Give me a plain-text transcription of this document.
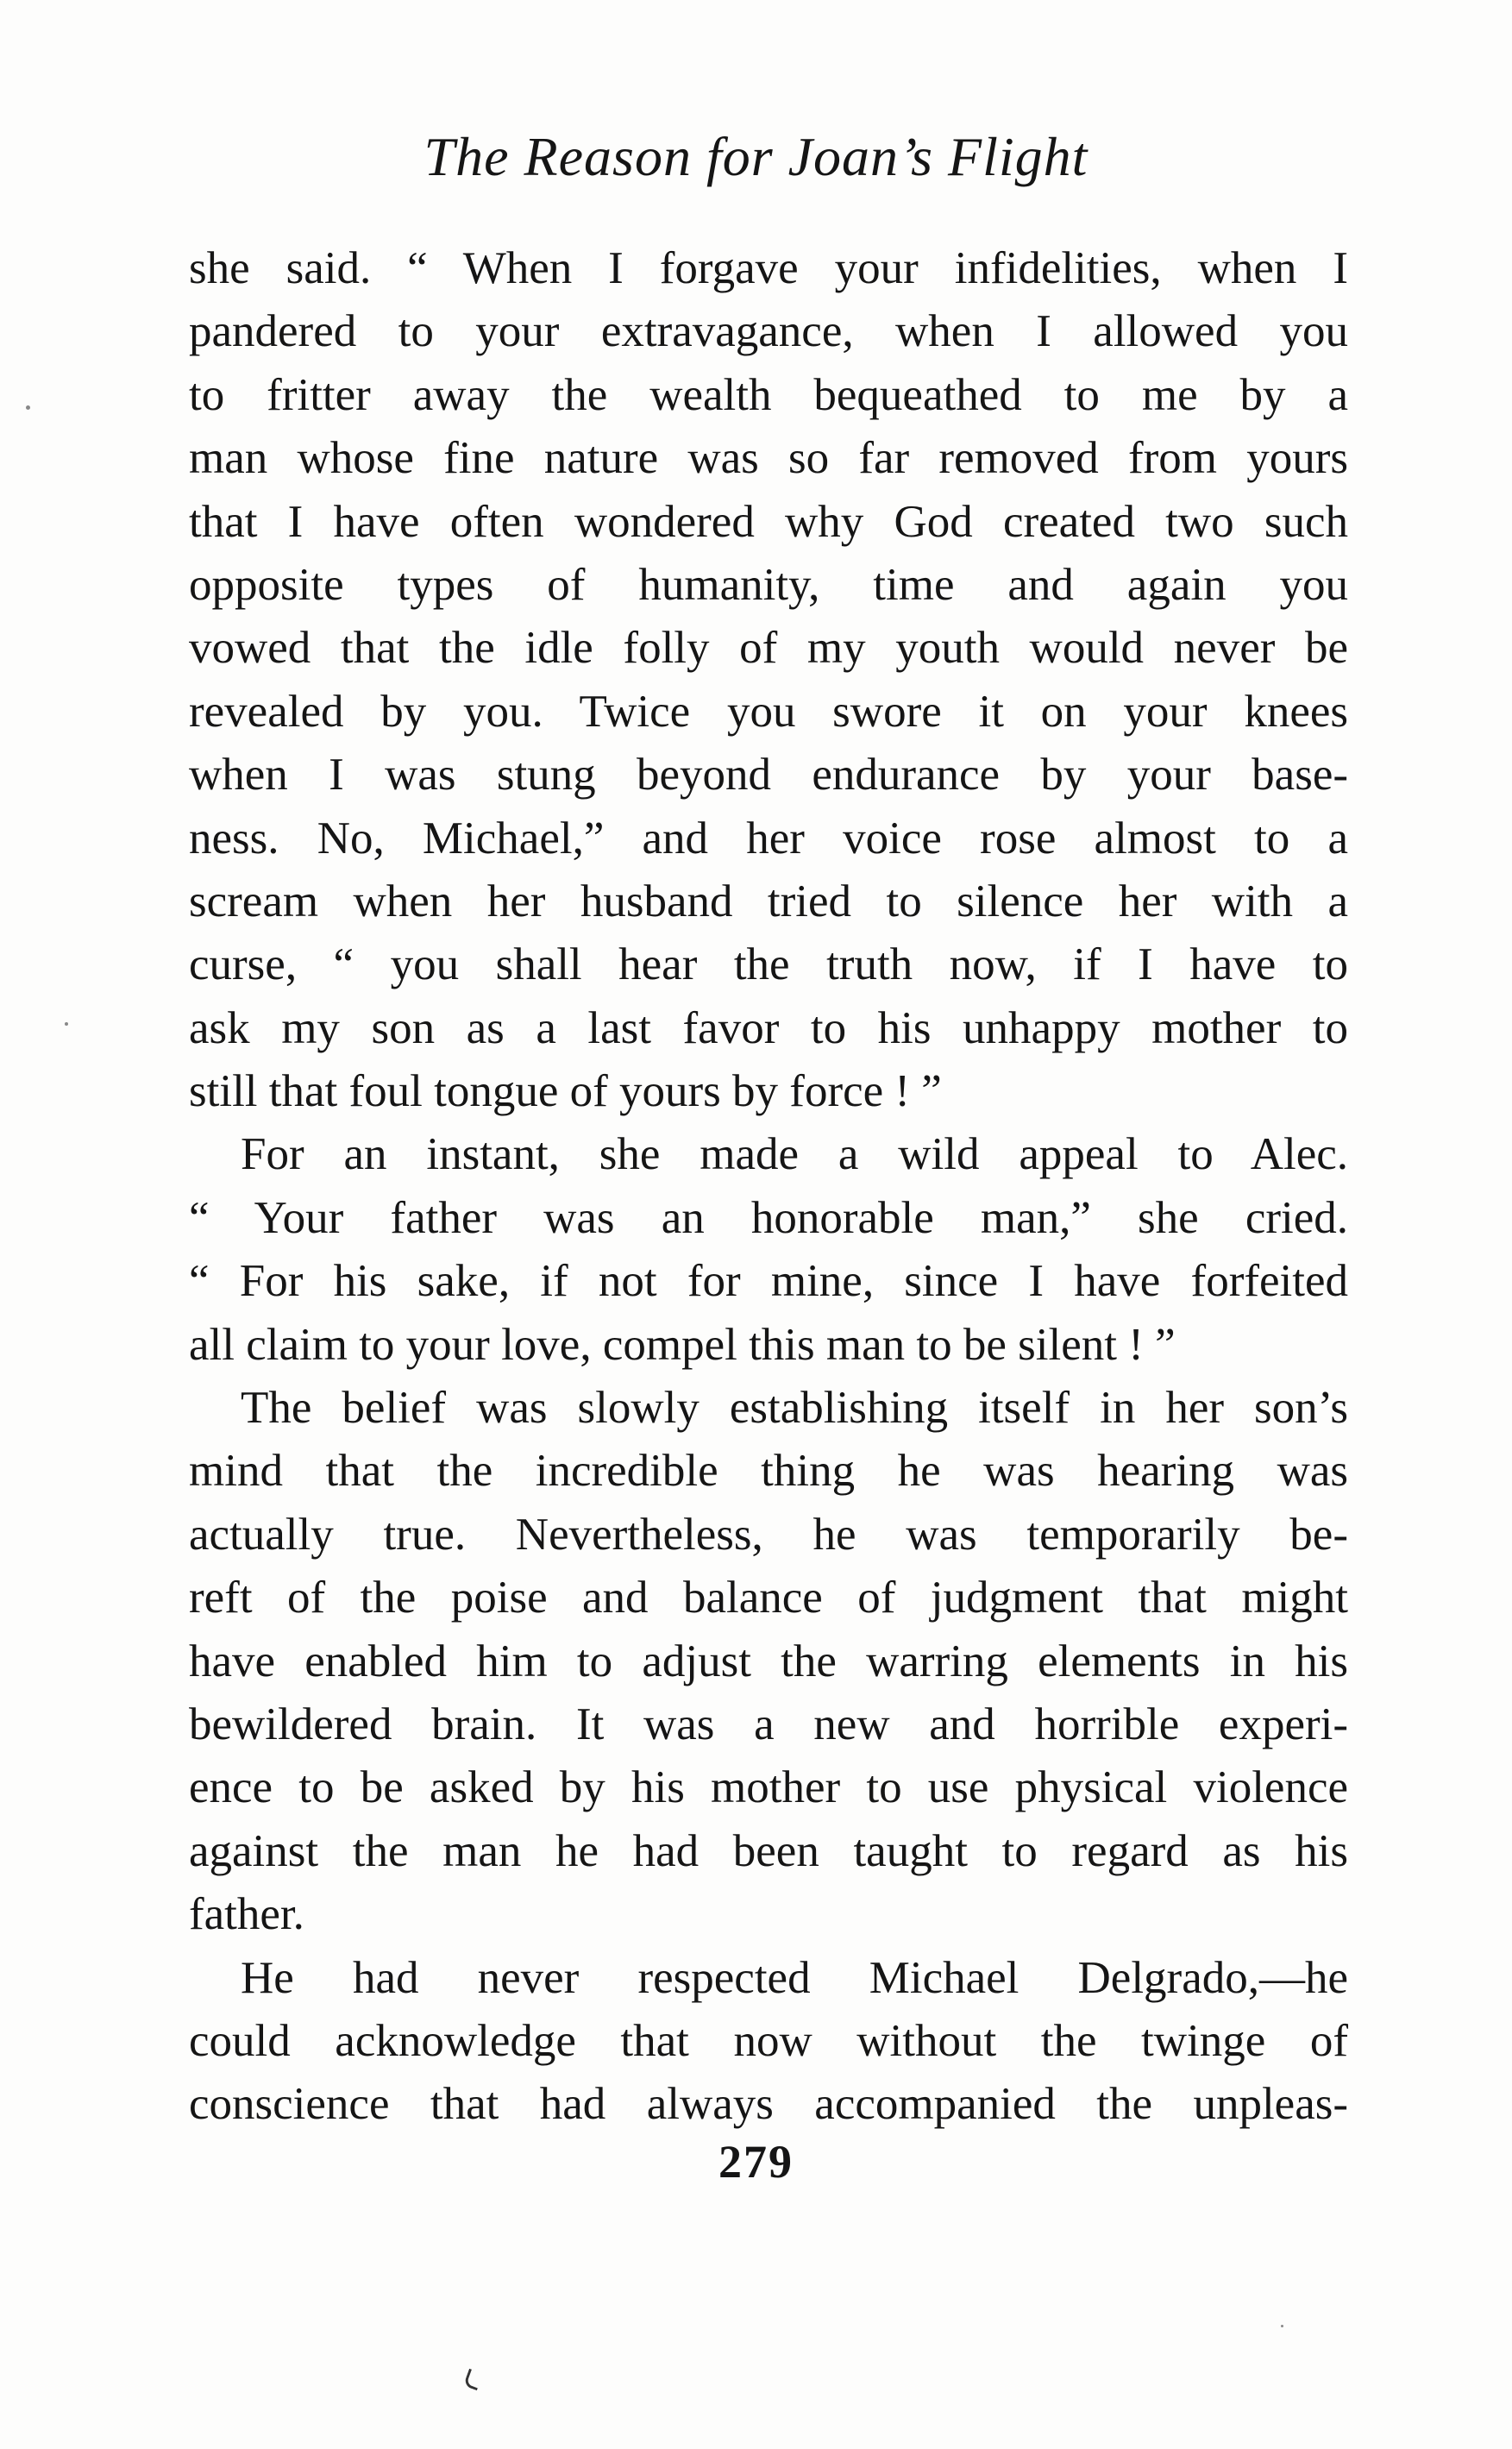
The Reason for Joan’s Flight
she said. “ When I forgave your infidelities, when I
pandered to your extravagance, when I allowed you
to fritter away the wealth bequeathed to me by a
man whose fine nature was so far removed from yours
that I have often wondered why God created two such
opposite types of humanity, time and again you
vowed that the idle folly of my youth would never be
revealed by you. Twice you swore it on your knees
when I was stung beyond endurance by your base-
ness. No, Michael,” and her voice rose almost to a
scream when her husband tried to silence her with a
curse, “ you shall hear the truth now, if I have to
ask my son as a last favor to his unhappy mother to
still that foul tongue of yours by force ! ”
For an instant, she made a wild appeal to Alec.
“ Your father was an honorable man,” she cried.
“ For his sake, if not for mine, since I have forfeited
all claim to your love, compel this man to be silent ! ”
The belief was slowly establishing itself in her son’s
mind that the incredible thing he was hearing was
actually true. Nevertheless, he was temporarily be-
reft of the poise and balance of judgment that might
have enabled him to adjust the warring elements in his
bewildered brain. It was a new and horrible experi-
ence to be asked by his mother to use physical violence
against the man he had been taught to regard as his
father.
He had never respected Michael Delgrado,—he
could acknowledge that now without the twinge of
conscience that had always accompanied the unpleas-
279
